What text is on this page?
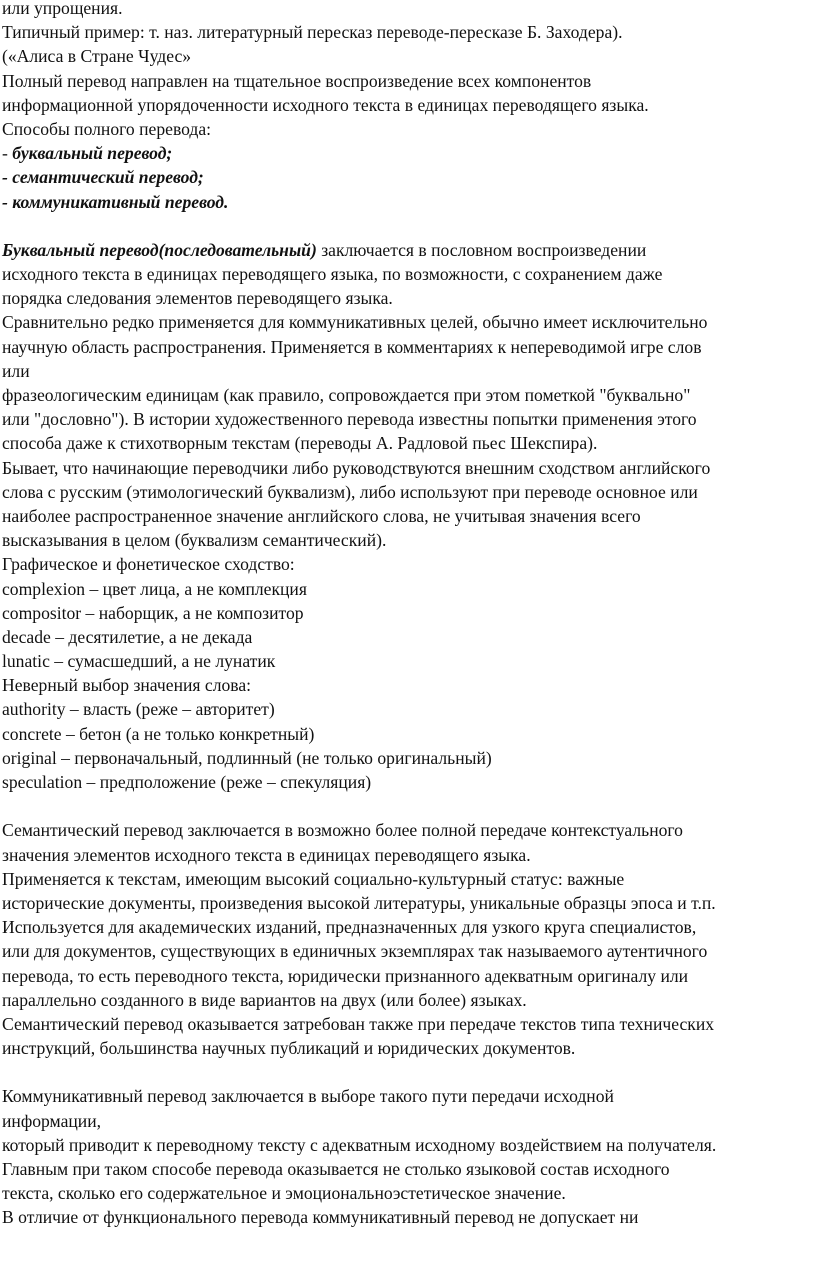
или упрощения.
Типичный пример: т. наз. литературный пересказ переводе-пересказе Б. Заходера).
(«Алиса в Стране Чудес»
Полный перевод направлен на тщательное воспроизведение всех компонентов
информационной упорядоченности исходного текста в единицах переводящего языка.
Способы полного перевода:
- буквальный перевод;
- семантический перевод;
- коммуникативный перевод.
Буквальный перевод(последовательный) заключается в пословном воспроизведении
исходного текста в единицах переводящего языка, по возможности, с сохранением даже
порядка следования элементов переводящего языка.
Сравнительно редко применяется для коммуникативных целей, обычно имеет исключительно
научную область распространения. Применяется в комментариях к непереводимой игре слов
или
фразеологическим единицам (как правило, сопровождается при этом пометкой "буквально"
или "дословно"). В истории художественного перевода известны попытки применения этого
способа даже к стихотворным текстам (переводы А. Радловой пьес Шекспира).
Бывает, что начинающие переводчики либо руководствуются внешним сходством английского
слова с русским (этимологический буквализм), либо используют при переводе основное или
наиболее распространенное значение английского слова, не учитывая значения всего
высказывания в целом (буквализм семантический).
Графическое и фонетическое сходство:
complexion – цвет лица, а не комплекция
compositor – наборщик, а не композитор
decade – десятилетие, а не декада
lunatic – сумасшедший, а не лунатик
Неверный выбор значения слова:
authority – власть (реже – авторитет)
concrete – бетон (а не только конкретный)
original – первоначальный, подлинный (не только оригинальный)
speculation – предположение (реже – спекуляция)
Семантический перевод заключается в возможно более полной передаче контекстуального
значения элементов исходного текста в единицах переводящего языка.
Применяется к текстам, имеющим высокий социально-культурный статус: важные
исторические документы, произведения высокой литературы, уникальные образцы эпоса и т.п.
Используется для академических изданий, предназначенных для узкого круга специалистов,
или для документов, существующих в единичных экземплярах так называемого аутентичного
перевода, то есть переводного текста, юридически признанного адекватным оригиналу или
параллельно созданного в виде вариантов на двух (или более) языках.
Семантический перевод оказывается затребован также при передаче текстов типа технических
инструкций, большинства научных публикаций и юридических документов.
Коммуникативный перевод заключается в выборе такого пути передачи исходной
информации,
который приводит к переводному тексту с адекватным исходному воздействием на получателя.
Главным при таком способе перевода оказывается не столько языковой состав исходного
текста, сколько его содержательное и эмоциональноэстетическое значение.
В отличие от функционального перевода коммуникативный перевод не допускает ни
